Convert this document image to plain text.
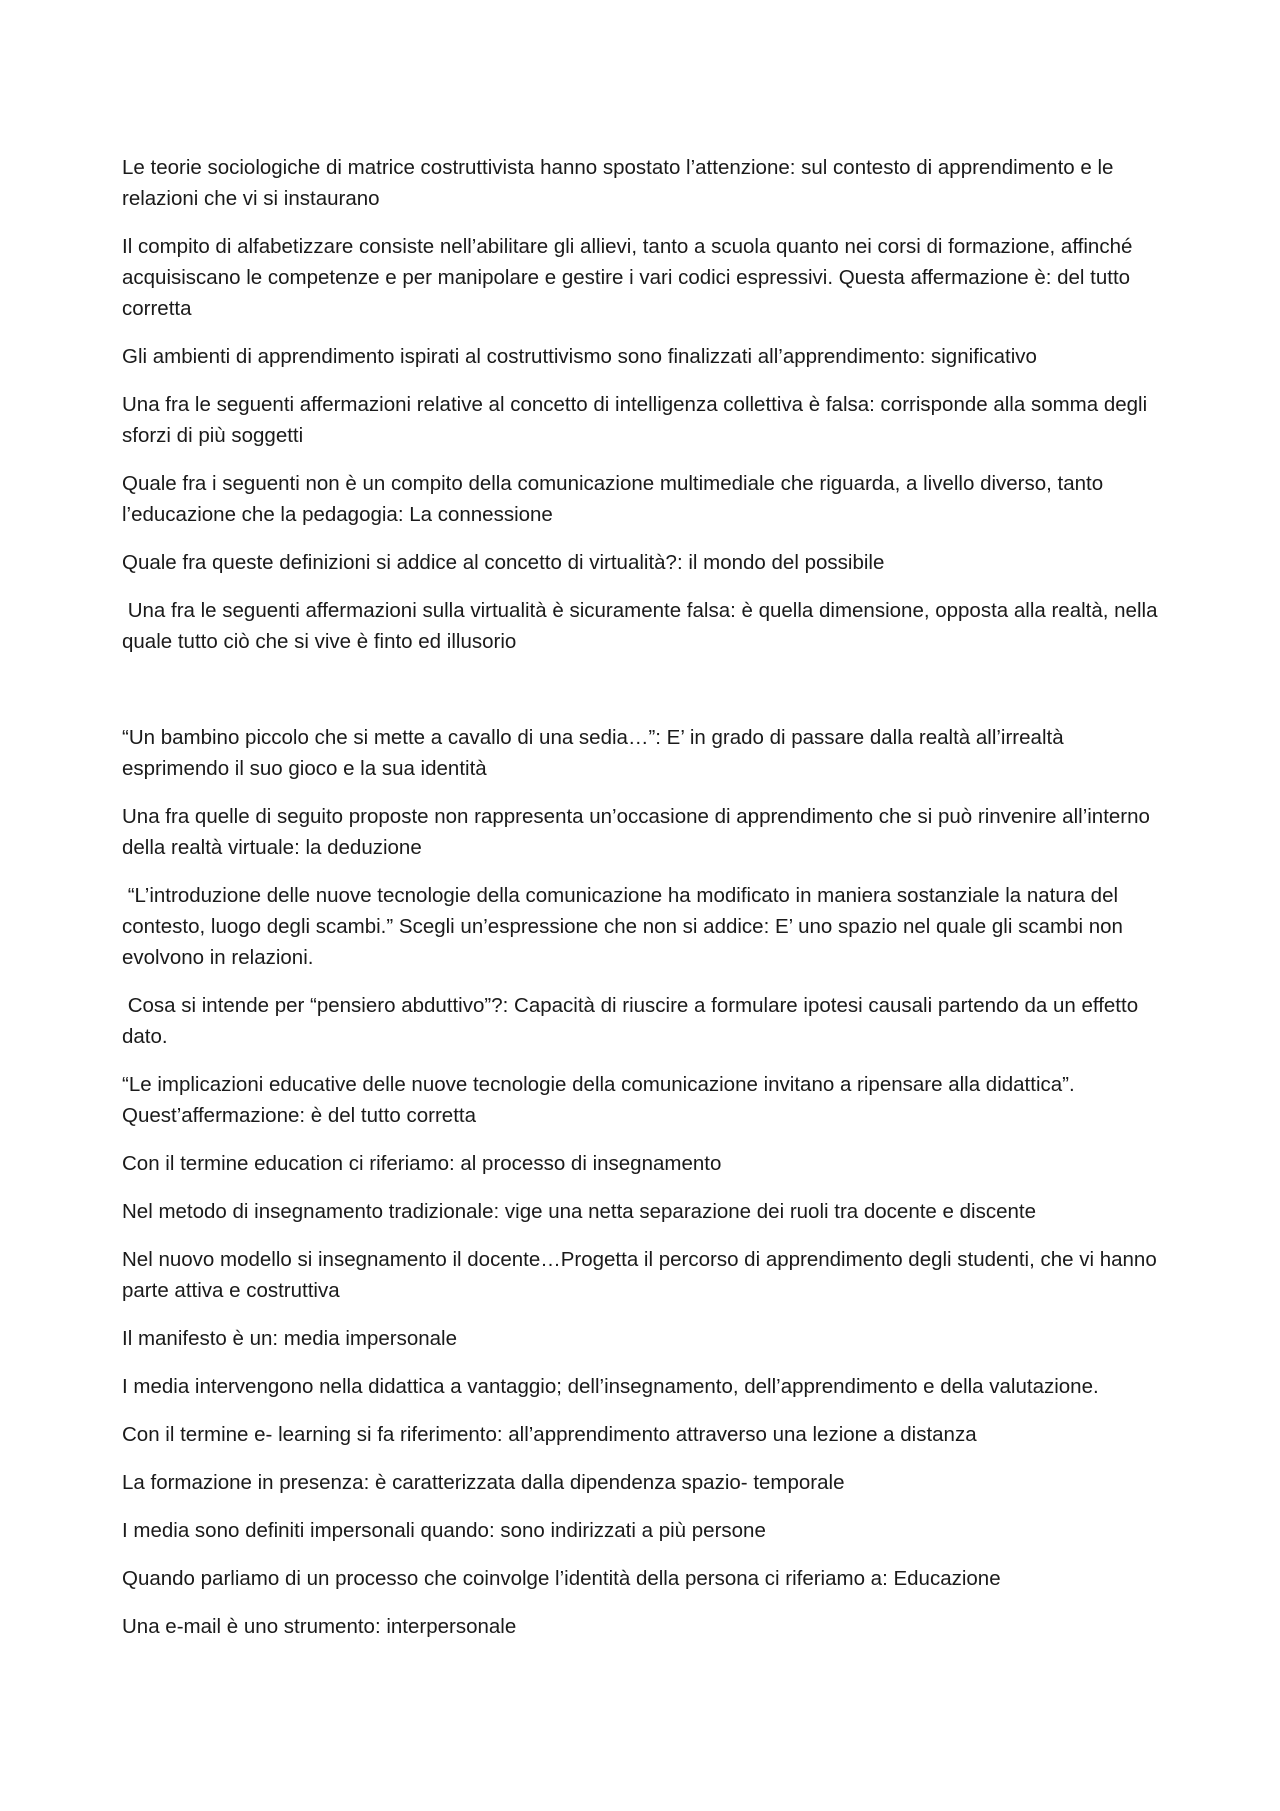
Le teorie sociologiche di matrice costruttivista hanno spostato l’attenzione: sul contesto di apprendimento e le relazioni che vi si instaurano

Il compito di alfabetizzare consiste nell’abilitare gli allievi, tanto a scuola quanto nei corsi di formazione, affinché acquisiscano le competenze e per manipolare e gestire i vari codici espressivi. Questa affermazione è: del tutto corretta

Gli ambienti di apprendimento ispirati al costruttivismo sono finalizzati all’apprendimento: significativo

Una fra le seguenti affermazioni relative al concetto di intelligenza collettiva è falsa: corrisponde alla somma degli sforzi di più soggetti

Quale fra i seguenti non è un compito della comunicazione multimediale che riguarda, a livello diverso, tanto l’educazione che la pedagogia: La connessione

Quale fra queste definizioni si addice al concetto di virtualità?: il mondo del possibile

Una fra le seguenti affermazioni sulla virtualità è sicuramente falsa: è quella dimensione, opposta alla realtà, nella quale tutto ciò che si vive è finto ed illusorio

“Un bambino piccolo che si mette a cavallo di una sedia…”: E’ in grado di passare dalla realtà all’irrealtà esprimendo il suo gioco e la sua identità

Una fra quelle di seguito proposte non rappresenta un’occasione di apprendimento che si può rinvenire all’interno della realtà virtuale: la deduzione

“L’introduzione delle nuove tecnologie della comunicazione ha modificato in maniera sostanziale la natura del contesto, luogo degli scambi.” Scegli un’espressione che non si addice: E’ uno spazio nel quale gli scambi non evolvono in relazioni.

Cosa si intende per “pensiero abduttivo”?: Capacità di riuscire a formulare ipotesi causali partendo da un effetto dato.

“Le implicazioni educative delle nuove tecnologie della comunicazione invitano a ripensare alla didattica”. Quest’affermazione: è del tutto corretta

Con il termine education ci riferiamo: al processo di insegnamento

Nel metodo di insegnamento tradizionale: vige una netta separazione dei ruoli tra docente e discente

Nel nuovo modello si insegnamento il docente…Progetta il percorso di apprendimento degli studenti, che vi hanno parte attiva e costruttiva

Il manifesto è un: media impersonale

I media intervengono nella didattica a vantaggio; dell’insegnamento, dell’apprendimento e della valutazione.

Con il termine e- learning si fa riferimento: all’apprendimento attraverso una lezione a distanza

La formazione in presenza: è caratterizzata dalla dipendenza spazio- temporale

I media sono definiti impersonali quando: sono indirizzati a più persone

Quando parliamo di un processo che coinvolge l’identità della persona ci riferiamo a: Educazione

Una e-mail è uno strumento: interpersonale
